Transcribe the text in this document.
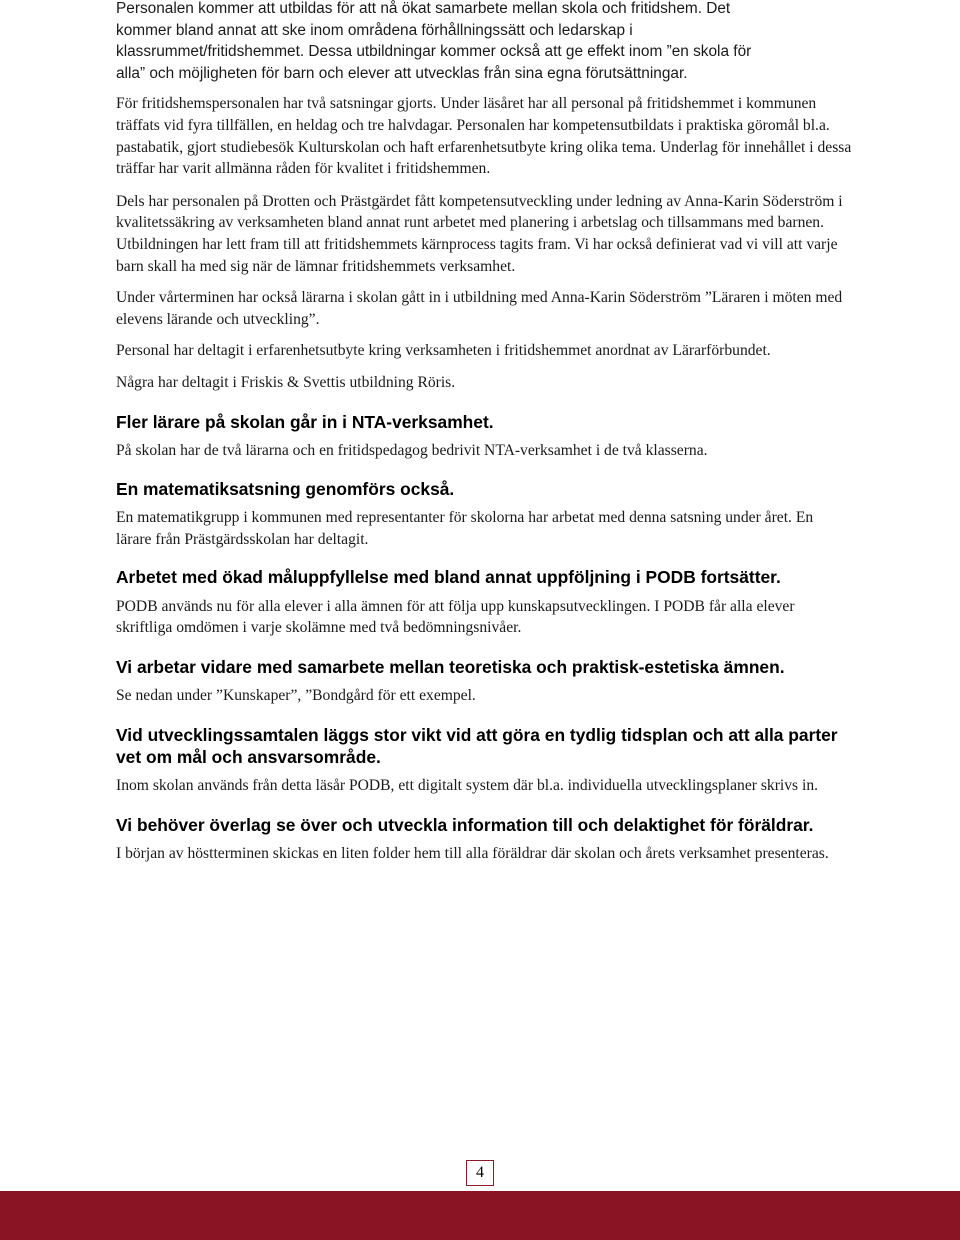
Personalen kommer att utbildas för att nå ökat samarbete mellan skola och fritidshem. Det

kommer bland annat att ske inom områdena förhållningssätt och ledarskap i

klassrummet/fritidshemmet. Dessa utbildningar kommer också att ge effekt inom ”en skola för

alla” och möjligheten för barn och elever att utvecklas från sina egna förutsättningar.

För fritidshemspersonalen har två satsningar gjorts. Under läsåret har all personal på fritidshemmet i kommunen träffats vid fyra tillfällen, en heldag och tre halvdagar. Personalen har kompetensutbildats i praktiska göromål bl.a. pastabatik, gjort studiebesök Kulturskolan och haft erfarenhetsutbyte kring olika tema. Underlag för innehållet i dessa träffar har varit allmänna råden för kvalitet i fritidshemmen.

Dels har personalen på Drotten och Prästgärdet fått kompetensutveckling under ledning av Anna-Karin Söderström i kvalitetssäkring av verksamheten bland annat runt arbetet med planering i arbetslag och tillsammans med barnen. Utbildningen har lett fram till att fritidshemmets kärnprocess tagits fram. Vi har också definierat vad vi vill att varje barn skall ha med sig när de lämnar fritidshemmets verksamhet.

Under vårterminen har också lärarna i skolan gått in i utbildning med Anna-Karin Söderström ”Läraren i möten med elevens lärande och utveckling”.

Personal har deltagit i erfarenhetsutbyte kring verksamheten i fritidshemmet anordnat av Lärarförbundet.

Några har deltagit i Friskis & Svettis utbildning Röris.

Fler lärare på skolan går in i NTA-verksamhet.

På skolan har de två lärarna och en fritidspedagog bedrivit NTA-verksamhet i de två klasserna.

En matematiksatsning genomförs också.

En matematikgrupp i kommunen med representanter för skolorna har arbetat med denna satsning under året. En lärare från Prästgärdsskolan har deltagit.

Arbetet med ökad måluppfyllelse med bland annat uppföljning i PODB fortsätter.

PODB används nu för alla elever i alla ämnen för att följa upp kunskapsutvecklingen. I PODB får alla elever skriftliga omdömen i varje skolämne med två bedömningsnivåer.

Vi arbetar vidare med samarbete mellan teoretiska och praktisk-estetiska ämnen.

Se nedan under ”Kunskaper”, ”Bondgård för ett exempel.

Vid utvecklingssamtalen läggs stor vikt vid att göra en tydlig tidsplan och att alla parter vet om mål och ansvarsområde.

Inom skolan används från detta läsår PODB, ett digitalt system där bl.a. individuella utvecklingsplaner skrivs in.

Vi behöver överlag se över och utveckla information till och delaktighet för föräldrar.

I början av höstterminen skickas en liten folder hem till alla föräldrar där skolan och årets verksamhet presenteras.

4
